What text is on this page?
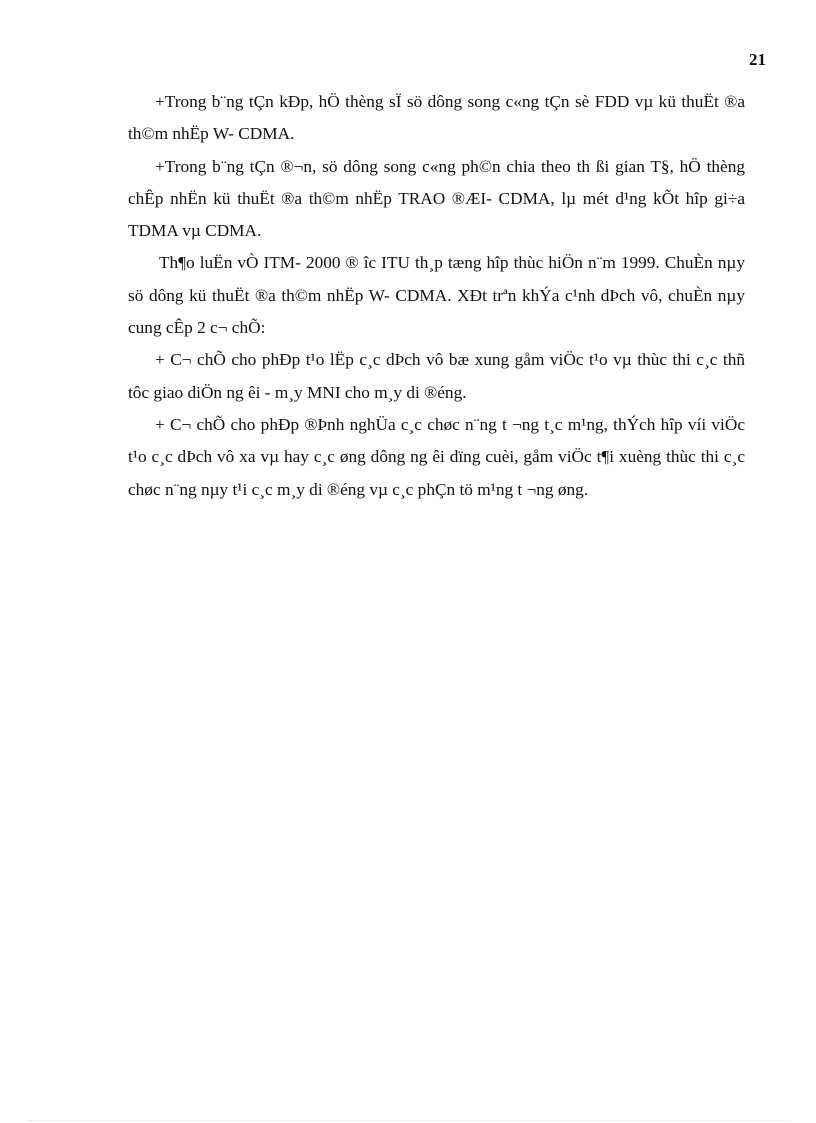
21

+Trong b¨ng tÇn kÐp, hÖ thèng sÏ sö dông song c«ng tÇn sè FDD vµ kü thuËt ®a th©m nhËp W- CDMA.

+Trong b¨ng tÇn ®¬n, sö dông song c«ng ph©n chia theo th ßi gian T§, hÖ thèng chÊp nhËn kü thuËt ®a th©m nhËp TRAO ®ÆI- CDMA, lµ mét d¹ng kÕt hîp gi÷a TDMA vµ CDMA.

Th¶o luËn vÒ ITM- 2000 ® îc ITU th¸p tæng hîp thùc hiÖn n¨m 1999. ChuÈn nµy sö dông kü thuËt ®a th©m nhËp W- CDMA. XÐt trªn khÝa c¹nh dÞch vô, chuÈn nµy cung cÊp 2 c¬ chÕ:

+ C¬ chÕ cho phÐp t¹o lËp c¸c dÞch vô bæ xung gåm viÖc t¹o vµ thùc thi c¸c thñ tôc giao diÖn ng êi - m¸y MNI cho m¸y di ®éng.

+ C¬ chÕ cho phÐp ®Þnh nghÜa c¸c chøc n¨ng t ¬ng t¸c m¹ng, thÝch hîp víi viÖc t¹o c¸c dÞch vô xa vµ hay c¸c øng dông ng êi dïng cuèi, gåm viÖc t¶i xuèng thùc thi c¸c chøc n¨ng nµy t¹i c¸c m¸y di ®éng vµ c¸c phÇn tö m¹ng t ¬ng øng.
